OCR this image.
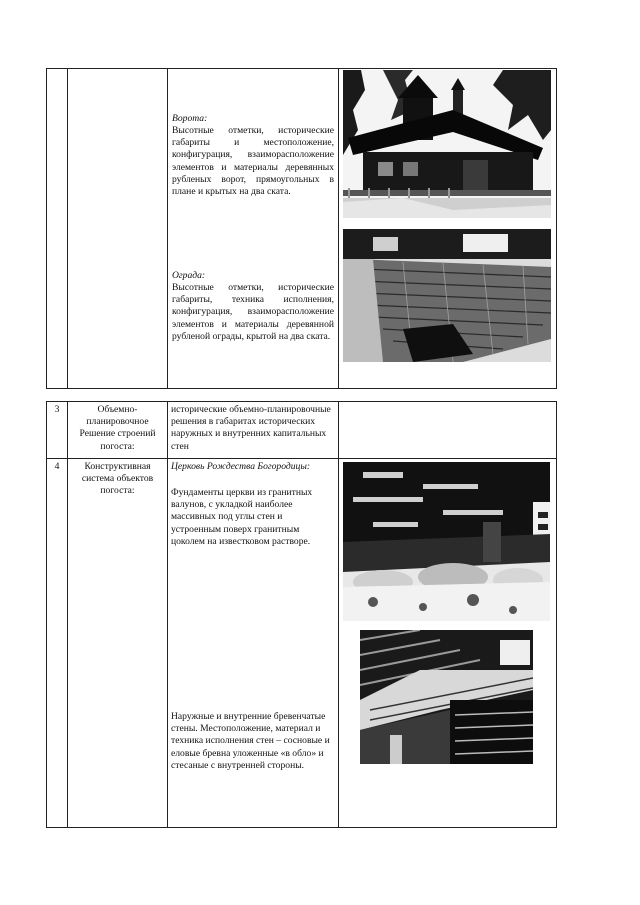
Ворота:
Высотные отметки, исторические габариты и местоположение, конфигурация, взаиморасположение элементов и материалы деревянных рубленых ворот, прямоугольных в плане и крытых на два ската.
Ограда:
Высотные отметки, исторические габариты, техника исполнения, конфигурация, взаиморасположение элементов и материалы деревянной рубленой ограды, крытой на два ската.
3	Объемно-планировочное Решение строений погоста:
исторические объемно-планировочные решения в габаритах исторических наружных и внутренних капитальных стен
4	Конструктивная система объектов погоста:
Церковь Рождества Богородицы:
Фундаменты церкви из гранитных валунов, с укладкой наиболее массивных под углы стен и устроенным поверх гранитным цоколем на известковом растворе.
Наружные и внутренние бревенчатые стены. Местоположение, материал и техника исполнения стен – сосновые и еловые бревна уложенные «в обло» и стесаные с внутренней стороны.
